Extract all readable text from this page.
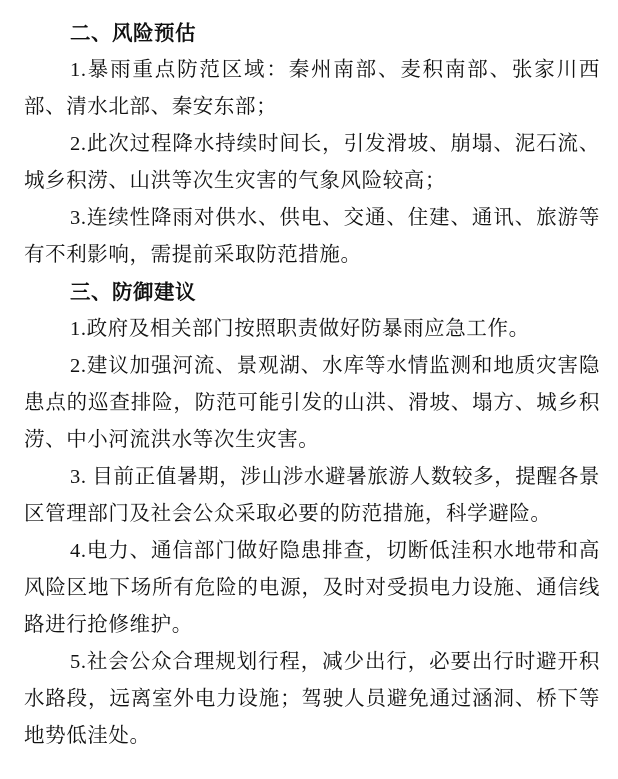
二、风险预估

1.暴雨重点防范区域：秦州南部、麦积南部、张家川西部、清水北部、秦安东部；

2.此次过程降水持续时间长，引发滑坡、崩塌、泥石流、城乡积涝、山洪等次生灾害的气象风险较高；

3.连续性降雨对供水、供电、交通、住建、通讯、旅游等有不利影响，需提前采取防范措施。

三、防御建议

1.政府及相关部门按照职责做好防暴雨应急工作。

2.建议加强河流、景观湖、水库等水情监测和地质灾害隐患点的巡查排险，防范可能引发的山洪、滑坡、塌方、城乡积涝、中小河流洪水等次生灾害。

3. 目前正值暑期，涉山涉水避暑旅游人数较多，提醒各景区管理部门及社会公众采取必要的防范措施，科学避险。

4.电力、通信部门做好隐患排查，切断低洼积水地带和高风险区地下场所有危险的电源，及时对受损电力设施、通信线路进行抢修维护。

5.社会公众合理规划行程，减少出行，必要出行时避开积水路段，远离室外电力设施；驾驶人员避免通过涵洞、桥下等地势低洼处。
